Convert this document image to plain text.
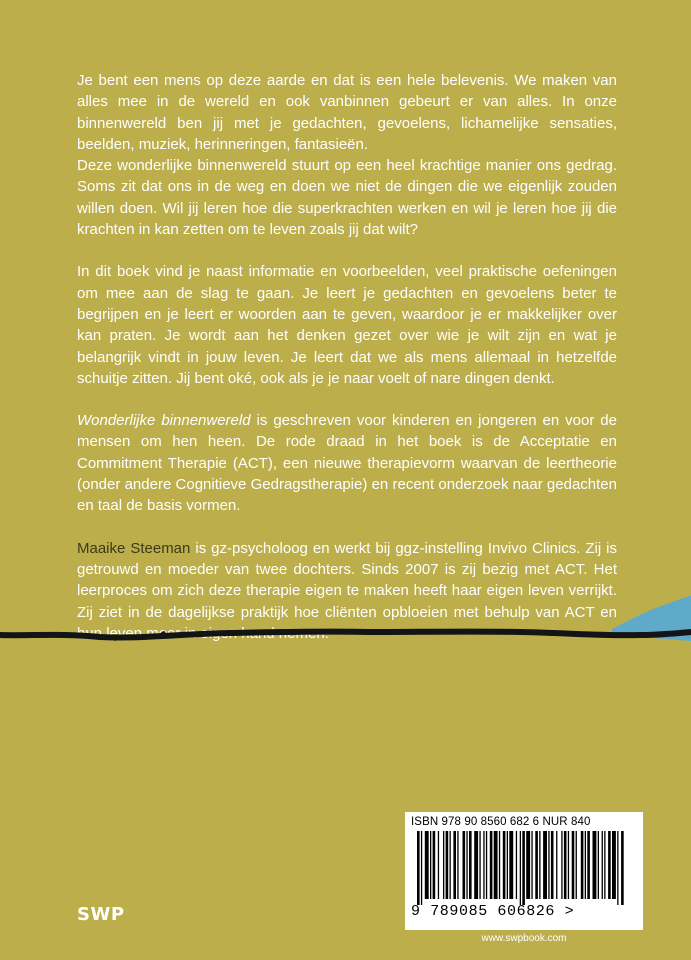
Je bent een mens op deze aarde en dat is een hele belevenis. We maken van alles mee in de wereld en ook vanbinnen gebeurt er van alles. In onze binnenwereld ben jij met je gedachten, gevoelens, lichamelijke sensaties, beelden, muziek, herinneringen, fantasieën.

Deze wonderlijke binnenwereld stuurt op een heel krachtige manier ons gedrag. Soms zit dat ons in de weg en doen we niet de dingen die we eigenlijk zouden willen doen. Wil jij leren hoe die superkrachten werken en wil je leren hoe jij die krachten in kan zetten om te leven zoals jij dat wilt?

In dit boek vind je naast informatie en voorbeelden, veel praktische oefeningen om mee aan de slag te gaan. Je leert je gedachten en gevoelens beter te begrijpen en je leert er woorden aan te geven, waardoor je er makkelijker over kan praten. Je wordt aan het denken gezet over wie je wilt zijn en wat je belangrijk vindt in jouw leven. Je leert dat we als mens allemaal in hetzelfde schuitje zitten. Jij bent oké, ook als je je naar voelt of nare dingen denkt.

Wonderlijke binnenwereld is geschreven voor kinderen en jongeren en voor de mensen om hen heen. De rode draad in het boek is de Acceptatie en Commitment Therapie (ACT), een nieuwe therapievorm waarvan de leertheorie (onder andere Cognitieve Gedragstherapie) en recent onderzoek naar gedachten en taal de basis vormen.

Maaike Steeman is gz-psycholoog en werkt bij ggz-instelling Invivo Clinics. Zij is getrouwd en moeder van twee dochters. Sinds 2007 is zij bezig met ACT. Het leerproces om zich deze therapie eigen te maken heeft haar eigen leven verrijkt. Zij ziet in de dagelijkse praktijk hoe cliënten opbloeien met behulp van ACT en hun leven meer in eigen hand nemen.

SWP
ISBN 978 90 8560 682 6 NUR 840
9 789085 606826 >
www.swpbook.com
